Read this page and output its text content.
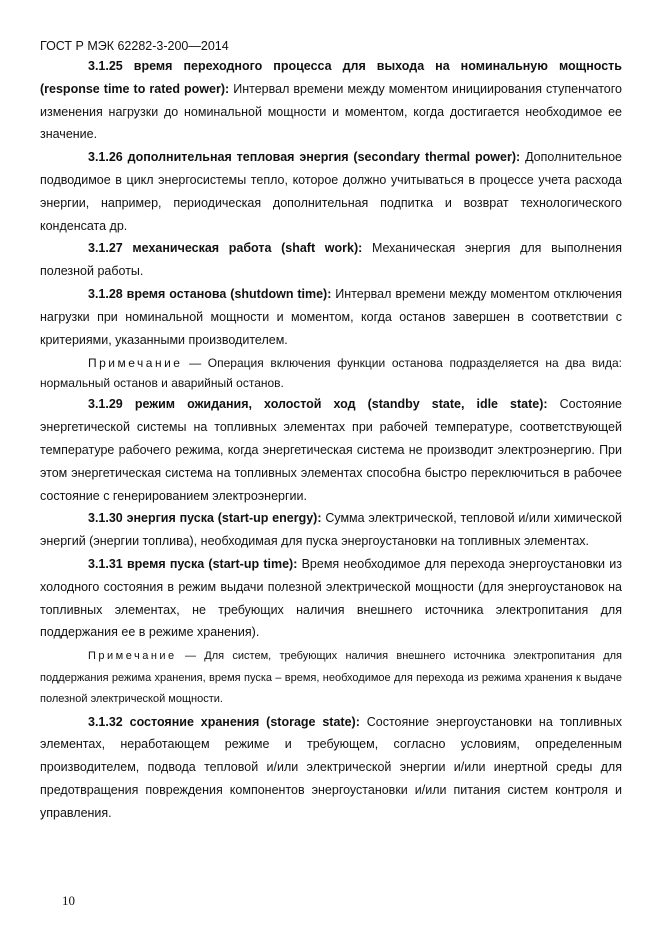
ГОСТ Р МЭК 62282-3-200—2014

3.1.25 время переходного процесса для выхода на номинальную мощность (response time to rated power): Интервал времени между моментом инициирования ступенчатого изменения нагрузки до номинальной мощности и моментом, когда достигается необходимое ее значение.

3.1.26 дополнительная тепловая энергия (secondary thermal power): Дополнительное подводимое в цикл энергосистемы тепло, которое должно учитываться в процессе учета расхода энергии, например, периодическая дополнительная подпитка и возврат технологического конденсата др.

3.1.27 механическая работа (shaft work): Механическая энергия для выполнения полезной работы.

3.1.28 время останова (shutdown time): Интервал времени между моментом отключения нагрузки при номинальной мощности и моментом, когда останов завершен в соответствии с критериями, указанными производителем.

Примечание — Операция включения функции останова подразделяется на два вида: нормальный останов и аварийный останов.

3.1.29 режим ожидания, холостой ход (standby state, idle state): Состояние энергетической системы на топливных элементах при рабочей температуре, соответствующей температуре рабочего режима, когда энергетическая система не производит электроэнергию. При этом энергетическая система на топливных элементах способна быстро переключиться в рабочее состояние с генерированием электроэнергии.

3.1.30 энергия пуска (start-up energy): Сумма электрической, тепловой и/или химической энергий (энергии топлива), необходимая для пуска энергоустановки на топливных элементах.

3.1.31 время пуска (start-up time): Время необходимое для перехода энергоустановки из холодного состояния в режим выдачи полезной электрической мощности (для энергоустановок на топливных элементах, не требующих наличия внешнего источника электропитания для поддержания ее в режиме хранения).

Примечание — Для систем, требующих наличия внешнего источника электропитания для поддержания режима хранения, время пуска – время, необходимое для перехода из режима хранения к выдаче полезной электрической мощности.

3.1.32 состояние хранения (storage state): Состояние энергоустановки на топливных элементах, неработающем режиме и требующем, согласно условиям, определенным производителем, подвода тепловой и/или электрической энергии и/или инертной среды для предотвращения повреждения компонентов энергоустановки и/или питания систем контроля и управления.

10
